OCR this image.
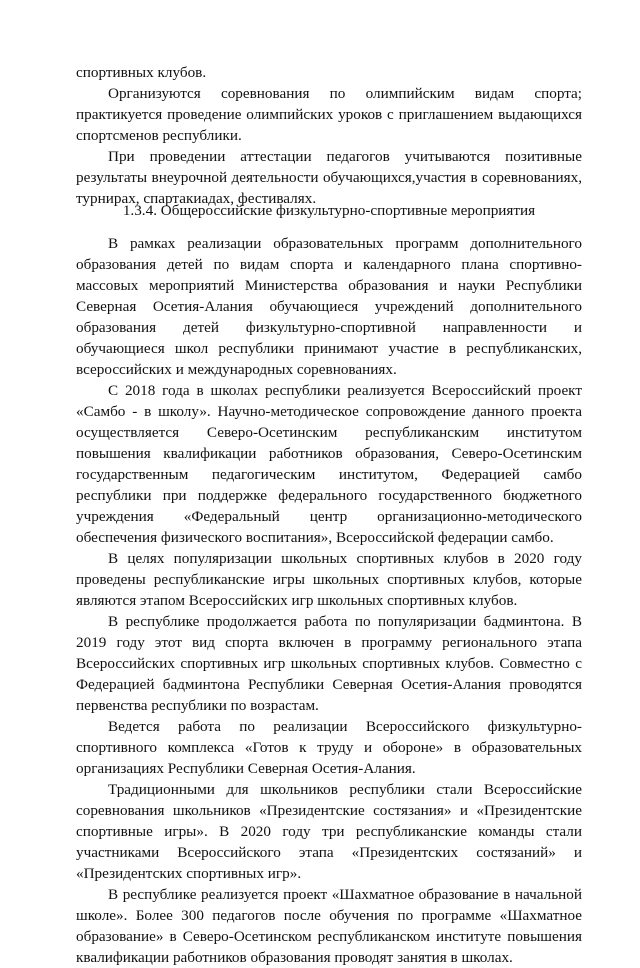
спортивных клубов.
Организуются соревнования по олимпийским видам спорта;
практикуется проведение олимпийских уроков с приглашением выдающихся
спортсменов республики.
При проведении аттестации педагогов учитываются позитивные
результаты внеурочной деятельности обучающихся,участия в соревнованиях,
турнирах, спартакиадах, фестивалях.
1.3.4. Общероссийские физкультурно-спортивные мероприятия
В рамках реализации образовательных программ дополнительного
образования детей по видам спорта и календарного плана спортивно-
массовых мероприятий Министерства образования и науки Республики
Северная Осетия-Алания обучающиеся учреждений дополнительного
образования детей физкультурно-спортивной направленности и
обучающиеся школ республики принимают участие в республиканских,
всероссийских и международных соревнованиях.
С 2018 года в школах республики реализуется Всероссийский проект
«Самбо - в школу». Научно-методическое сопровождение данного проекта
осуществляется Северо-Осетинским республиканским институтом
повышения квалификации работников образования, Северо-Осетинским
государственным педагогическим институтом, Федерацией самбо
республики при поддержке федерального государственного бюджетного
учреждения «Федеральный центр организационно-методического
обеспечения физического воспитания», Всероссийской федерации самбо.
В целях популяризации школьных спортивных клубов в 2020 году
проведены республиканские игры школьных спортивных клубов, которые
являются этапом Всероссийских игр школьных спортивных клубов.
В республике продолжается работа по популяризации бадминтона. В
2019 году этот вид спорта включен в программу регионального этапа
Всероссийских спортивных игр школьных спортивных клубов. Совместно с
Федерацией бадминтона Республики Северная Осетия-Алания проводятся
первенства республики по возрастам.
Ведется работа по реализации Всероссийского физкультурно-
спортивного комплекса «Готов к труду и обороне» в образовательных
организациях Республики Северная Осетия-Алания.
Традиционными для школьников республики стали Всероссийские
соревнования школьников «Президентские состязания» и «Президентские
спортивные игры». В 2020 году три республиканские команды стали
участниками Всероссийского этапа «Президентских состязаний» и
«Президентских спортивных игр».
В республике реализуется проект «Шахматное образование в начальной
школе». Более 300 педагогов после обучения по программе «Шахматное
образование» в Северо-Осетинском республиканском институте повышения
квалификации работников образования проводят занятия в школах.
